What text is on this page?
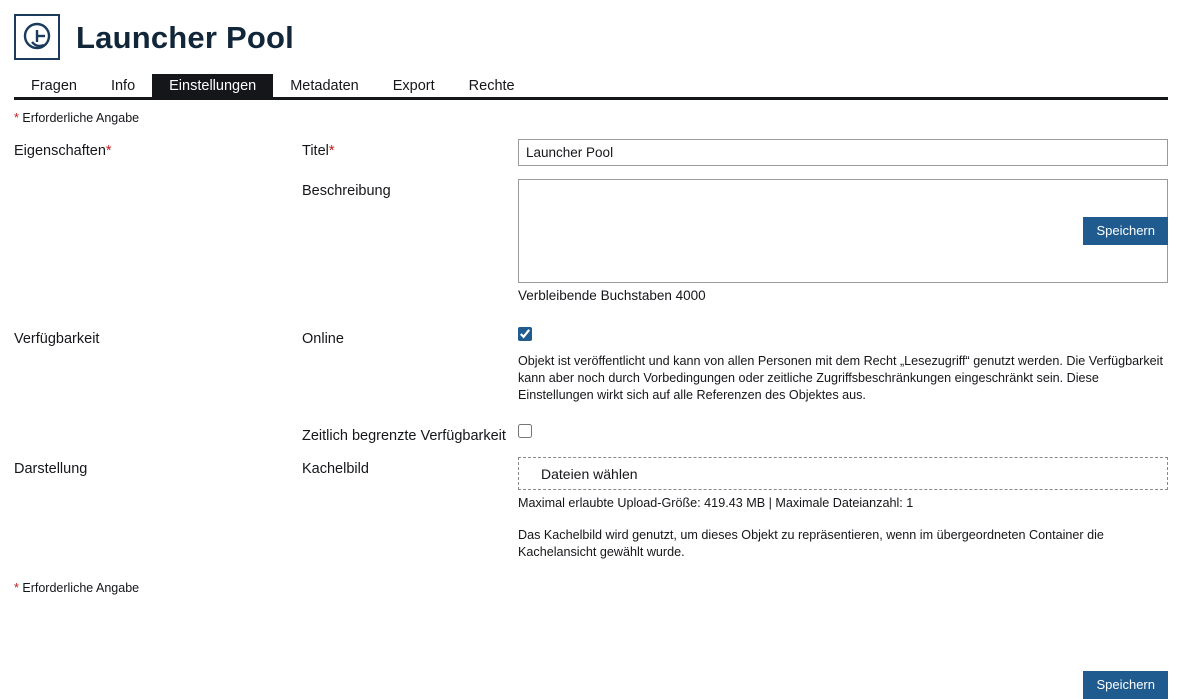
Launcher Pool
Fragen	Info	Einstellungen	Metadaten	Export	Rechte
* Erforderliche Angabe
Speichern
Eigenschaften*	Titel*
Launcher Pool
Beschreibung
Verbleibende Buchstaben 4000
Verfügbarkeit	Online
Objekt ist veröffentlicht und kann von allen Personen mit dem Recht „Lesezugriff“ genutzt werden. Die Verfügbarkeit kann aber noch durch Vorbedingungen oder zeitliche Zugriffsbeschränkungen eingeschränkt sein. Diese Einstellungen wirkt sich auf alle Referenzen des Objektes aus.
Zeitlich begrenzte Verfügbarkeit
Darstellung	Kachelbild	Dateien wählen
Maximal erlaubte Upload-Größe: 419.43 MB | Maximale Dateianzahl: 1
Das Kachelbild wird genutzt, um dieses Objekt zu repräsentieren, wenn im übergeordneten Container die Kachelansicht gewählt wurde.
* Erforderliche Angabe
Speichern
